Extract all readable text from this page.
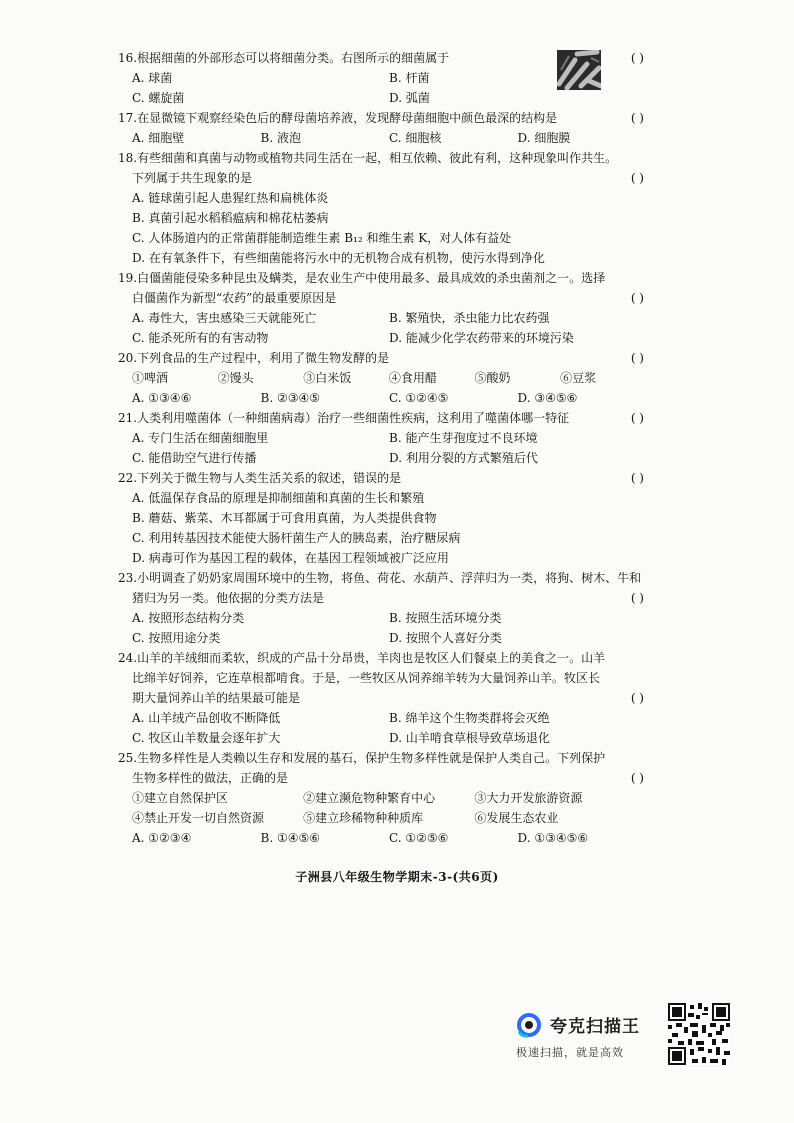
16.根据细菌的外部形态可以将细菌分类。右图所示的细菌属于	( )
A. 球菌	B. 杆菌
C. 螺旋菌	D. 弧菌
17.在显微镜下观察经染色后的酵母菌培养液，发现酵母菌细胞中颜色最深的结构是	( )
A. 细胞壁	B. 液泡	C. 细胞核	D. 细胞膜
18.有些细菌和真菌与动物或植物共同生活在一起，相互依赖、彼此有利，这种现象叫作共生。
下列属于共生现象的是	( )
A. 链球菌引起人患猩红热和扁桃体炎
B. 真菌引起水稻稻瘟病和棉花枯萎病
C. 人体肠道内的正常菌群能制造维生素 B₁₂ 和维生素 K，对人体有益处
D. 在有氧条件下，有些细菌能将污水中的无机物合成有机物，使污水得到净化
19.白僵菌能侵染多种昆虫及螨类，是农业生产中使用最多、最具成效的杀虫菌剂之一。选择
白僵菌作为新型“农药”的最重要原因是	( )
A. 毒性大，害虫感染三天就能死亡	B. 繁殖快，杀虫能力比农药强
C. 能杀死所有的有害动物	D. 能减少化学农药带来的环境污染
20.下列食品的生产过程中，利用了微生物发酵的是	( )
①啤酒	②馒头	③白米饭	④食用醋	⑤酸奶	⑥豆浆
A. ①③④⑥	B. ②③④⑤	C. ①②④⑤	D. ③④⑤⑥
21.人类利用噬菌体（一种细菌病毒）治疗一些细菌性疾病，这利用了噬菌体哪一特征	( )
A. 专门生活在细菌细胞里	B. 能产生芽孢度过不良环境
C. 能借助空气进行传播	D. 利用分裂的方式繁殖后代
22.下列关于微生物与人类生活关系的叙述，错误的是	( )
A. 低温保存食品的原理是抑制细菌和真菌的生长和繁殖
B. 蘑菇、紫菜、木耳都属于可食用真菌，为人类提供食物
C. 利用转基因技术能使大肠杆菌生产人的胰岛素，治疗糖尿病
D. 病毒可作为基因工程的载体，在基因工程领域被广泛应用
23.小明调查了奶奶家周围环境中的生物，将鱼、荷花、水葫芦、浮萍归为一类，将狗、树木、牛和
猪归为另一类。他依据的分类方法是	( )
A. 按照形态结构分类	B. 按照生活环境分类
C. 按照用途分类	D. 按照个人喜好分类
24.山羊的羊绒细而柔软，织成的产品十分昂贵，羊肉也是牧区人们餐桌上的美食之一。山羊
比绵羊好饲养，它连草根都啃食。于是，一些牧区从饲养绵羊转为大量饲养山羊。牧区长
期大量饲养山羊的结果最可能是	( )
A. 山羊绒产品创收不断降低	B. 绵羊这个生物类群将会灭绝
C. 牧区山羊数量会逐年扩大	D. 山羊啃食草根导致草场退化
25.生物多样性是人类赖以生存和发展的基石，保护生物多样性就是保护人类自己。下列保护
生物多样性的做法，正确的是	( )
①建立自然保护区	②建立濒危物种繁育中心	③大力开发旅游资源
④禁止开发一切自然资源	⑤建立珍稀物种种质库	⑥发展生态农业
A. ①②③④	B. ①④⑤⑥	C. ①②⑤⑥	D. ①③④⑤⑥
子洲县八年级生物学期末-3-(共6页)
夸克扫描王
极速扫描，就是高效
